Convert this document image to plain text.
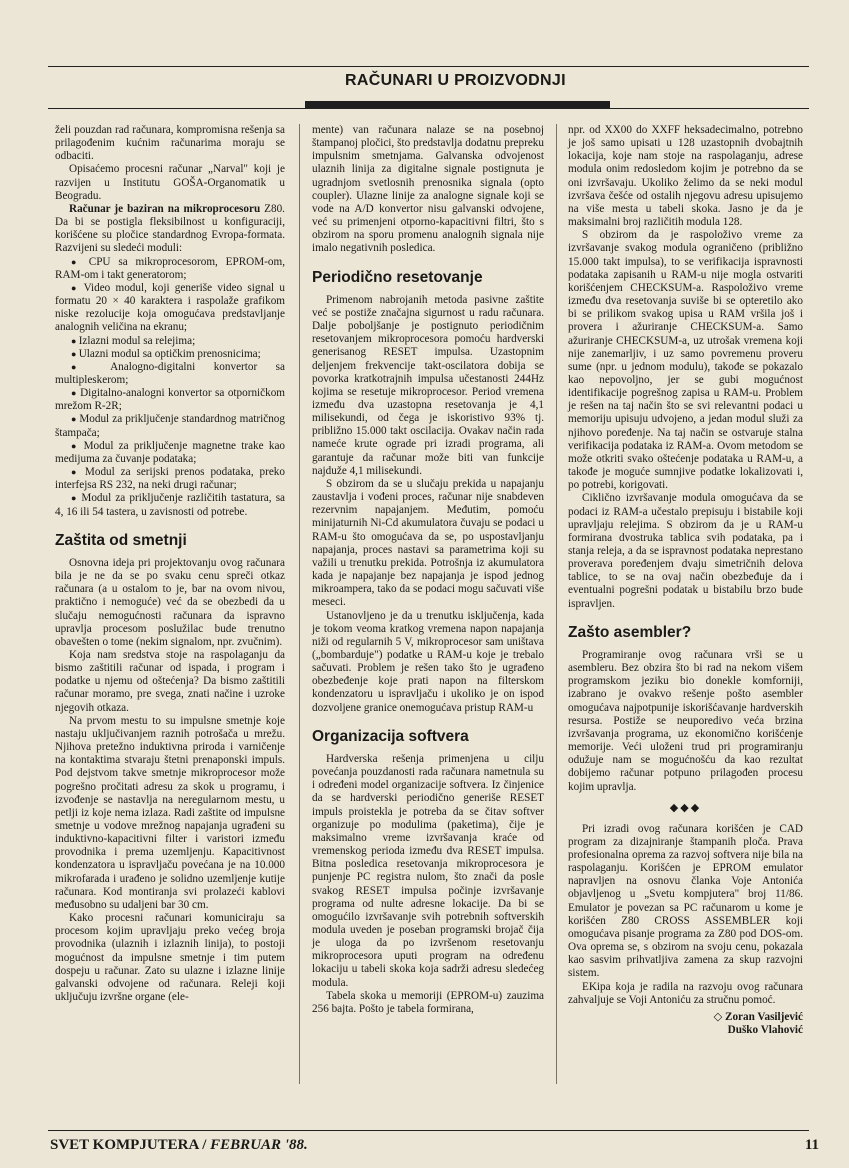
RAČUNARI U PROIZVODNJI

želi pouzdan rad računara, kompromisna rešenja sa prilagođenim kućnim računarima moraju se odbaciti.

Opisaćemo procesni računar „Narval" koji je razvijen u Institutu GOŠA-Organomatik u Beogradu.

Računar je baziran na mikroprocesoru Z80. Da bi se postigla fleksibilnost u konfiguraciji, korišćene su pločice standardnog Evropa-formata. Razvijeni su sledeći moduli:

● CPU sa mikroprocesorom, EPROM-om, RAM-om i takt generatorom;
● Video modul, koji generiše video signal u formatu 20 × 40 karaktera i raspolaže grafikom niske rezolucije koja omogućava predstavljanje analognih veličina na ekranu;
● Izlazni modul sa relejima;
● Ulazni modul sa optičkim prenosnicima;
● Analogno-digitalni konvertor sa multipleskerom;
● Digitalno-analogni konvertor sa otporničkom mrežom R-2R;
● Modul za priključenje standardnog matričnog štampača;
● Modul za priključenje magnetne trake kao medijuma za čuvanje podataka;
● Modul za serijski prenos podataka, preko interfejsa RS 232, na neki drugi računar;
● Modul za priključenje različitih tastatura, sa 4, 16 ili 54 tastera, u zavisnosti od potrebe.
Zaštita od smetnji

Osnovna ideja pri projektovanju ovog računara bila je ne da se po svaku cenu spreči otkaz računara (a u ostalom to je, bar na ovom nivou, praktično i nemoguće) već da se obezbedi da u slučaju nemogućnosti računara da ispravno upravlja procesom poslužilac bude trenutno obavešten o tome (nekim signalom, npr. zvučnim).

Koja nam sredstva stoje na raspolaganju da bismo zaštitili računar od ispada, i program i podatke u njemu od oštećenja? Da bismo zaštitili računar moramo, pre svega, znati načine i uzroke njegovih otkaza.

Na prvom mestu to su impulsne smetnje koje nastaju uključivanjem raznih potrošača u mrežu. Njihova pretežno induktivna priroda i varničenje na kontaktima stvaraju štetni prenaponski impuls. Pod dejstvom takve smetnje mikroprocesor može pogrešno pročitati adresu za skok u programu, i izvođenje se nastavlja na neregularnom mestu, u petlji iz koje nema izlaza. Radi zaštite od impulsne smetnje u vodove mrežnog napajanja ugrađeni su induktivno-kapacitivni filter i varistori između provodnika i prema uzemljenju. Kapacitivnost kondenzatora u ispravljaču povećana je na 10.000 mikrofarada i urađeno je solidno uzemljenje kutije računara. Kod montiranja svi prolazeći kablovi međusobno su udaljeni bar 30 cm.

Kako procesni računari komuniciraju sa procesom kojim upravljaju preko većeg broja provodnika (ulaznih i izlaznih linija), to postoji mogućnost da impulsne smetnje i tim putem dospeju u računar. Zato su ulazne i izlazne linije galvanski odvojene od računara. Releji koji uključuju izvršne organe (ele-

mente) van računara nalaze se na posebnoj štampanoj pločici, što predstavlja dodatnu prepreku impulsnim smetnjama. Galvanska odvojenost ulaznih linija za digitalne signale postignuta je ugradnjom svetlosnih prenosnika signala (opto coupler). Ulazne linije za analogne signale koji se vode na A/D konvertor nisu galvanski odvojene, već su primenjeni otporno-kapacitivni filtri, što s obzirom na sporu promenu analognih signala nije imalo negativnih posledica.

Periodično resetovanje

Primenom nabrojanih metoda pasivne zaštite već se postiže značajna sigurnost u radu računara. Dalje poboljšanje je postignuto periodičnim resetovanjem mikroprocesora pomoću hardverski generisanog RESET impulsa. Uzastopnim deljenjem frekvencije takt-oscilatora dobija se povorka kratkotrajnih impulsa učestanosti 244Hz kojima se resetuje mikroprocesor. Period vremena između dva uzastopna resetovanja je 4,1 milisekundi, od čega je iskoristivo 93% tj. približno 15.000 takt oscilacija. Ovakav način rada nameće krute ograde pri izradi programa, ali garantuje da računar može biti van funkcije najduže 4,1 milisekundi.

S obzirom da se u slučaju prekida u napajanju zaustavlja i vođeni proces, računar nije snabdeven rezervnim napajanjem. Međutim, pomoću minijaturnih Ni-Cd akumulatora čuvaju se podaci u RAM-u što omogućava da se, po uspostavljanju napajanja, proces nastavi sa parametrima koji su važili u trenutku prekida. Potrošnja iz akumulatora kada je napajanje bez napajanja je ispod jednog mikroampera, tako da se podaci mogu sačuvati više meseci.

Ustanovljeno je da u trenutku isključenja, kada je tokom veoma kratkog vremena napon napajanja niži od regularnih 5 V, mikroprocesor sam uništava („bombarduje") podatke u RAM-u koje je trebalo sačuvati. Problem je rešen tako što je ugrađeno obezbeđenje koje prati napon na filterskom kondenzatoru u ispravljaču i ukoliko je on ispod dozvoljene granice onemogućava pristup RAM-u

Organizacija softvera

Hardverska rešenja primenjena u cilju povećanja pouzdanosti rada računara nametnula su i određeni model organizacije softvera. Iz činjenice da se hardverski periodično generiše RESET impuls proistekla je potreba da se čitav softver organizuje po modulima (paketima), čije je maksimalno vreme izvršavanja kraće od vremenskog perioda između dva RESET impulsa. Bitna posledica resetovanja mikroprocesora je punjenje PC registra nulom, što znači da posle svakog RESET impulsa počinje izvršavanje programa od nulte adresne lokacije. Da bi se omogućilo izvršavanje svih potrebnih softverskih modula uveden je poseban programski brojač čija je uloga da po izvršenom resetovanju mikroprocesora uputi program na određenu lokaciju u tabeli skoka koja sadrži adresu sledećeg modula.

Tabela skoka u memoriji (EPROM-u) zauzima 256 bajta. Pošto je tabela formirana,

npr. od XX00 do XXFF heksadecimalno, potrebno je još samo upisati u 128 uzastopnih dvobajtnih lokacija, koje nam stoje na raspolaganju, adrese modula onim redosledom kojim je potrebno da se oni izvršavaju. Ukoliko želimo da se neki modul izvršava češće od ostalih njegovu adresu upisujemo na više mesta u tabeli skoka. Jasno je da je maksimalni broj različitih modula 128.

S obzirom da je raspoloživo vreme za izvršavanje svakog modula ograničeno (približno 15.000 takt impulsa), to se verifikacija ispravnosti podataka zapisanih u RAM-u nije mogla ostvariti korišćenjem CHECKSUM-a. Raspoloživo vreme između dva resetovanja suviše bi se opteretilo ako bi se prilikom svakog upisa u RAM vršila još i provera i ažuriranje CHECKSUM-a. Samo ažuriranje CHECKSUM-a, uz utrošak vremena koji nije zanemarljiv, i uz samo povremenu proveru sume (npr. u jednom modulu), takođe se pokazalo kao nepovoljno, jer se gubi mogućnost identifikacije pogrešnog zapisa u RAM-u. Problem je rešen na taj način što se svi relevantni podaci u memoriju upisuju udvojeno, a jedan modul služi za njihovo poređenje. Na taj način se ostvaruje stalna verifikacija podataka iz RAM-a. Ovom metodom se može otkriti svako oštećenje podataka u RAM-u, a takođe je moguće sumnjive podatke lokalizovati i, po potrebi, korigovati.

Ciklično izvršavanje modula omogućava da se podaci iz RAM-a učestalo prepisuju i bistabile koji upravljaju relejima. S obzirom da je u RAM-u formirana dvostruka tablica svih podataka, pa i stanja releja, a da se ispravnost podataka neprestano proverava poređenjem dvaju simetričnih delova tablice, to se na ovaj način obezbeđuje da i eventualni pogrešni podatak u bistabilu brzo bude ispravljen.

Zašto asembler?

Programiranje ovog računara vrši se u asembleru. Bez obzira što bi rad na nekom višem programskom jeziku bio donekle komforniji, izabrano je ovakvo rešenje pošto asembler omogućava najpotpunije iskorišćavanje hardverskih resursa. Postiže se neuporedivo veća brzina izvršavanja programa, uz ekonomično korišćenje memorije. Veći uloženi trud pri programiranju odužuje nam se mogućnošću da kao rezultat dobijemo računar potpuno prilagođen procesu kojim upravlja.

◆◆◆

Pri izradi ovog računara korišćen je CAD program za dizajniranje štampanih ploča. Prava profesionalna oprema za razvoj softvera nije bila na raspolaganju. Korišćen je EPROM emulator napravljen na osnovu članka Voje Antonića objavljenog u „Svetu kompjutera" broj 11/86. Emulator je povezan sa PC računarom u kome je korišćen Z80 CROSS ASSEMBLER koji omogućava pisanje programa za Z80 pod DOS-om. Ova oprema se, s obzirom na svoju cenu, pokazala kao sasvim prihvatljiva zamena za skup razvojni sistem.

EKipa koja je radila na razvoju ovog računara zahvaljuje se Voji Antoniću za stručnu pomoć.

◇ Zoran Vasiljević
Duško Vlahović
SVET KOMPJUTERA / FEBRUAR '88.	11
